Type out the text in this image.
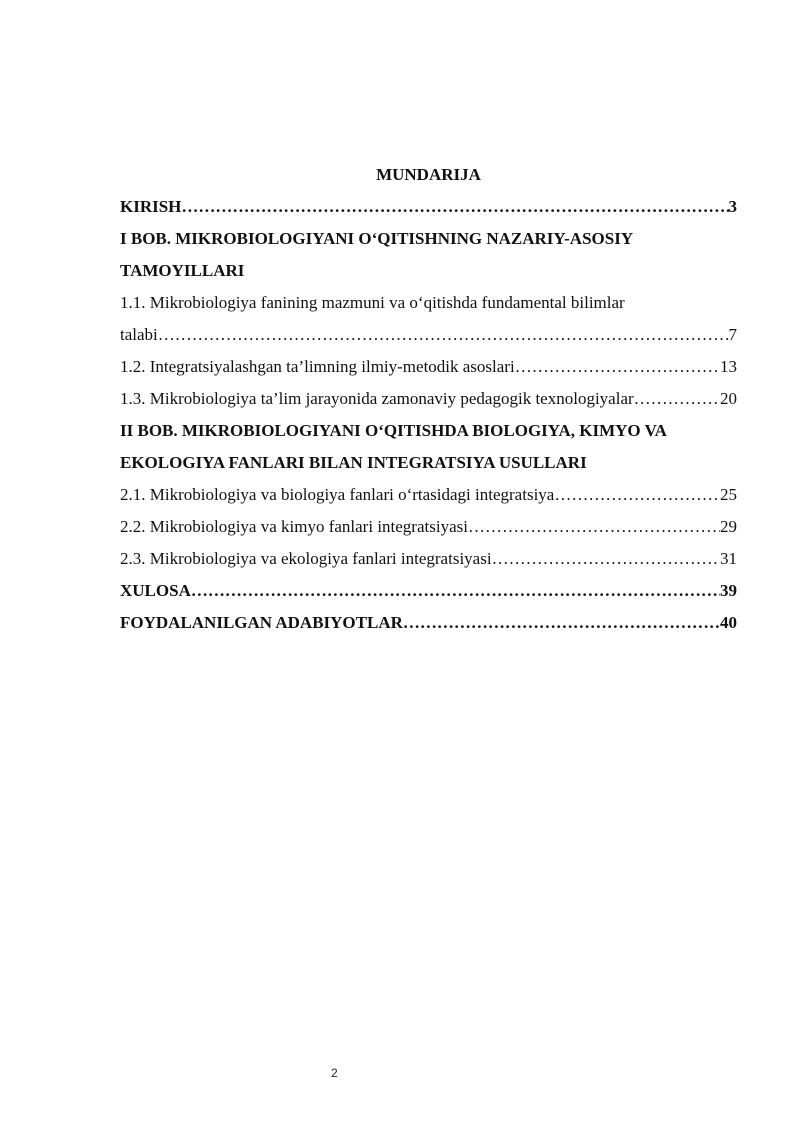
MUNDARIJA
KIRISH ……………………………………………………………………………………………………………………………………………………………………………………	3
I BOB. MIKROBIOLOGIYANI O‘QITISHNING NAZARIY-ASOSIY
TAMOYILLARI
1.1. Mikrobiologiya fanining mazmuni va o‘qitishda fundamental bilimlar
talabi ……………………………………………………………………………………………………………………………………………………………………………………	7
1.2. Integratsiyalashgan ta’limning ilmiy-metodik asoslari ……………………………………………………………………………………………………………………………………………………………………………………	13
1.3. Mikrobiologiya ta’lim jarayonida zamonaviy pedagogik texnologiyalar ……………………………………………………………………………………………………………………………………………………………………………………	20
II BOB. MIKROBIOLOGIYANI O‘QITISHDA BIOLOGIYA, KIMYO VA
EKOLOGIYA FANLARI BILAN INTEGRATSIYA USULLARI
2.1. Mikrobiologiya va biologiya fanlari o‘rtasidagi integratsiya ……………………………………………………………………………………………………………………………………………………………………………………	25
2.2. Mikrobiologiya va kimyo fanlari integratsiyasi ……………………………………………………………………………………………………………………………………………………………………………………	29
2.3. Mikrobiologiya va ekologiya fanlari integratsiyasi ……………………………………………………………………………………………………………………………………………………………………………………	31
XULOSA ……………………………………………………………………………………………………………………………………………………………………………………	39
FOYDALANILGAN ADABIYOTLAR ……………………………………………………………………………………………………………………………………………………………………………………	40
2
